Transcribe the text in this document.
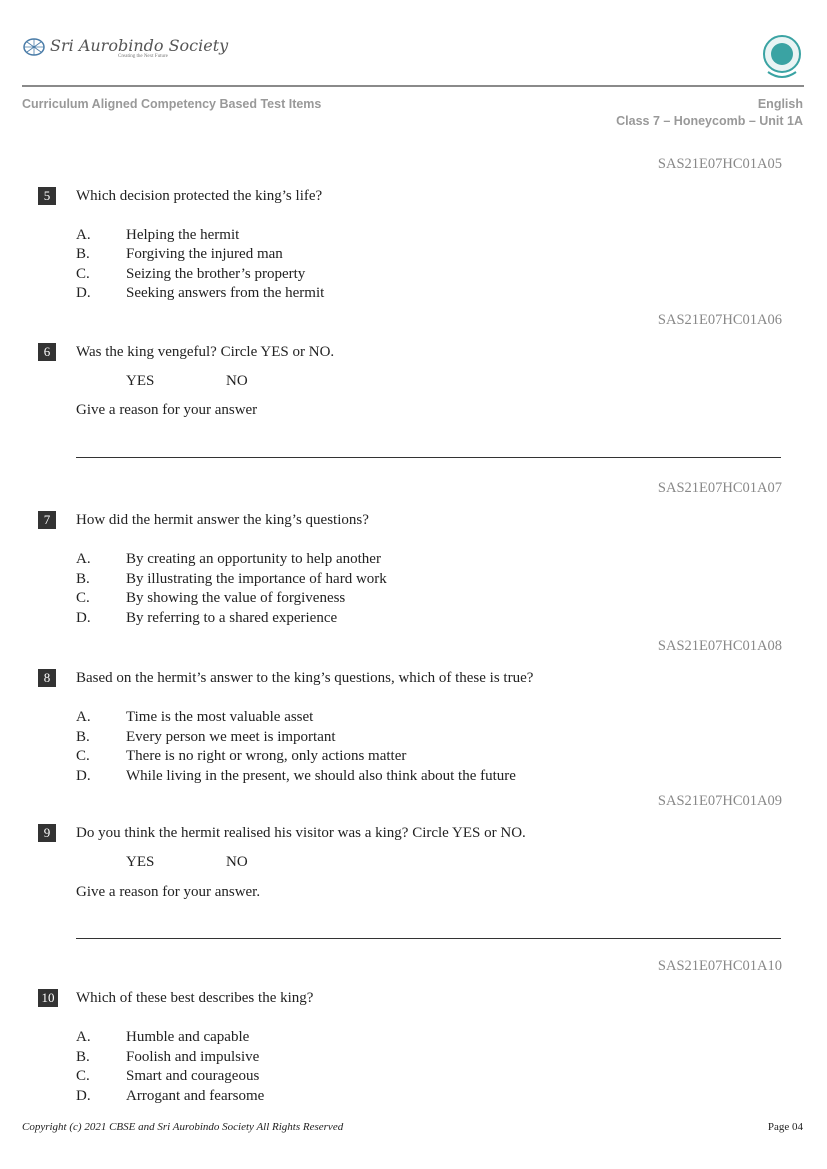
Sri Aurobindo Society
Creating the Next Future
Curriculum Aligned Competency Based Test Items	English
Class 7 – Honeycomb – Unit 1A
SAS21E07HC01A05
5	Which decision protected the king’s life?
A. Helping the hermit
B. Forgiving the injured man
C. Seizing the brother’s property
D. Seeking answers from the hermit
SAS21E07HC01A06
6	Was the king vengeful? Circle YES or NO.
YES	NO
Give a reason for your answer
SAS21E07HC01A07
7	How did the hermit answer the king’s questions?
A. By creating an opportunity to help another
B. By illustrating the importance of hard work
C. By showing the value of forgiveness
D. By referring to a shared experience
SAS21E07HC01A08
8	Based on the hermit’s answer to the king’s questions, which of these is true?
A. Time is the most valuable asset
B. Every person we meet is important
C. There is no right or wrong, only actions matter
D. While living in the present, we should also think about the future
SAS21E07HC01A09
9	Do you think the hermit realised his visitor was a king? Circle YES or NO.
YES	NO
Give a reason for your answer.
SAS21E07HC01A10
10 Which of these best describes the king?
A. Humble and capable
B. Foolish and impulsive
C. Smart and courageous
D. Arrogant and fearsome
Copyright (c) 2021 CBSE and Sri Aurobindo Society All Rights Reserved	Page 04
